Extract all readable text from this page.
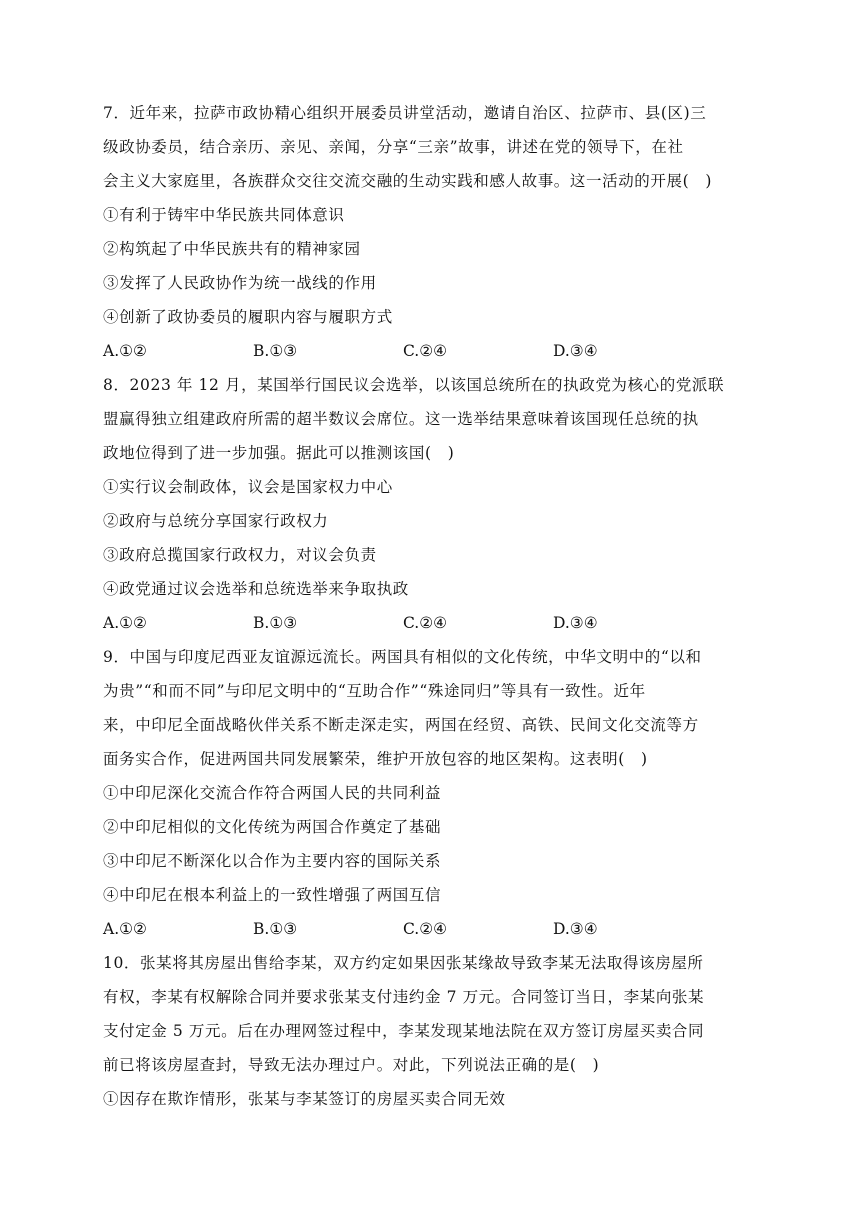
7．近年来，拉萨市政协精心组织开展委员讲堂活动，邀请自治区、拉萨市、县(区)三
级政协委员，结合亲历、亲见、亲闻，分享“三亲”故事，讲述在党的领导下，在社
会主义大家庭里，各族群众交往交流交融的生动实践和感人故事。这一活动的开展(　)
①有利于铸牢中华民族共同体意识
②构筑起了中华民族共有的精神家园
③发挥了人民政协作为统一战线的作用
④创新了政协委员的履职内容与履职方式
A.①②	B.①③	C.②④	D.③④
8．2023 年 12 月，某国举行国民议会选举，以该国总统所在的执政党为核心的党派联
盟赢得独立组建政府所需的超半数议会席位。这一选举结果意味着该国现任总统的执
政地位得到了进一步加强。据此可以推测该国(　)
①实行议会制政体，议会是国家权力中心
②政府与总统分享国家行政权力
③政府总揽国家行政权力，对议会负责
④政党通过议会选举和总统选举来争取执政
A.①②	B.①③	C.②④	D.③④
9．中国与印度尼西亚友谊源远流长。两国具有相似的文化传统，中华文明中的“以和
为贵”“和而不同”与印尼文明中的“互助合作”“殊途同归”等具有一致性。近年
来，中印尼全面战略伙伴关系不断走深走实，两国在经贸、高铁、民间文化交流等方
面务实合作，促进两国共同发展繁荣，维护开放包容的地区架构。这表明(　)
①中印尼深化交流合作符合两国人民的共同利益
②中印尼相似的文化传统为两国合作奠定了基础
③中印尼不断深化以合作为主要内容的国际关系
④中印尼在根本利益上的一致性增强了两国互信
A.①②	B.①③	C.②④	D.③④
10．张某将其房屋出售给李某，双方约定如果因张某缘故导致李某无法取得该房屋所
有权，李某有权解除合同并要求张某支付违约金 7 万元。合同签订当日，李某向张某
支付定金 5 万元。后在办理网签过程中，李某发现某地法院在双方签订房屋买卖合同
前已将该房屋查封，导致无法办理过户。对此，下列说法正确的是(　)
①因存在欺诈情形，张某与李某签订的房屋买卖合同无效
